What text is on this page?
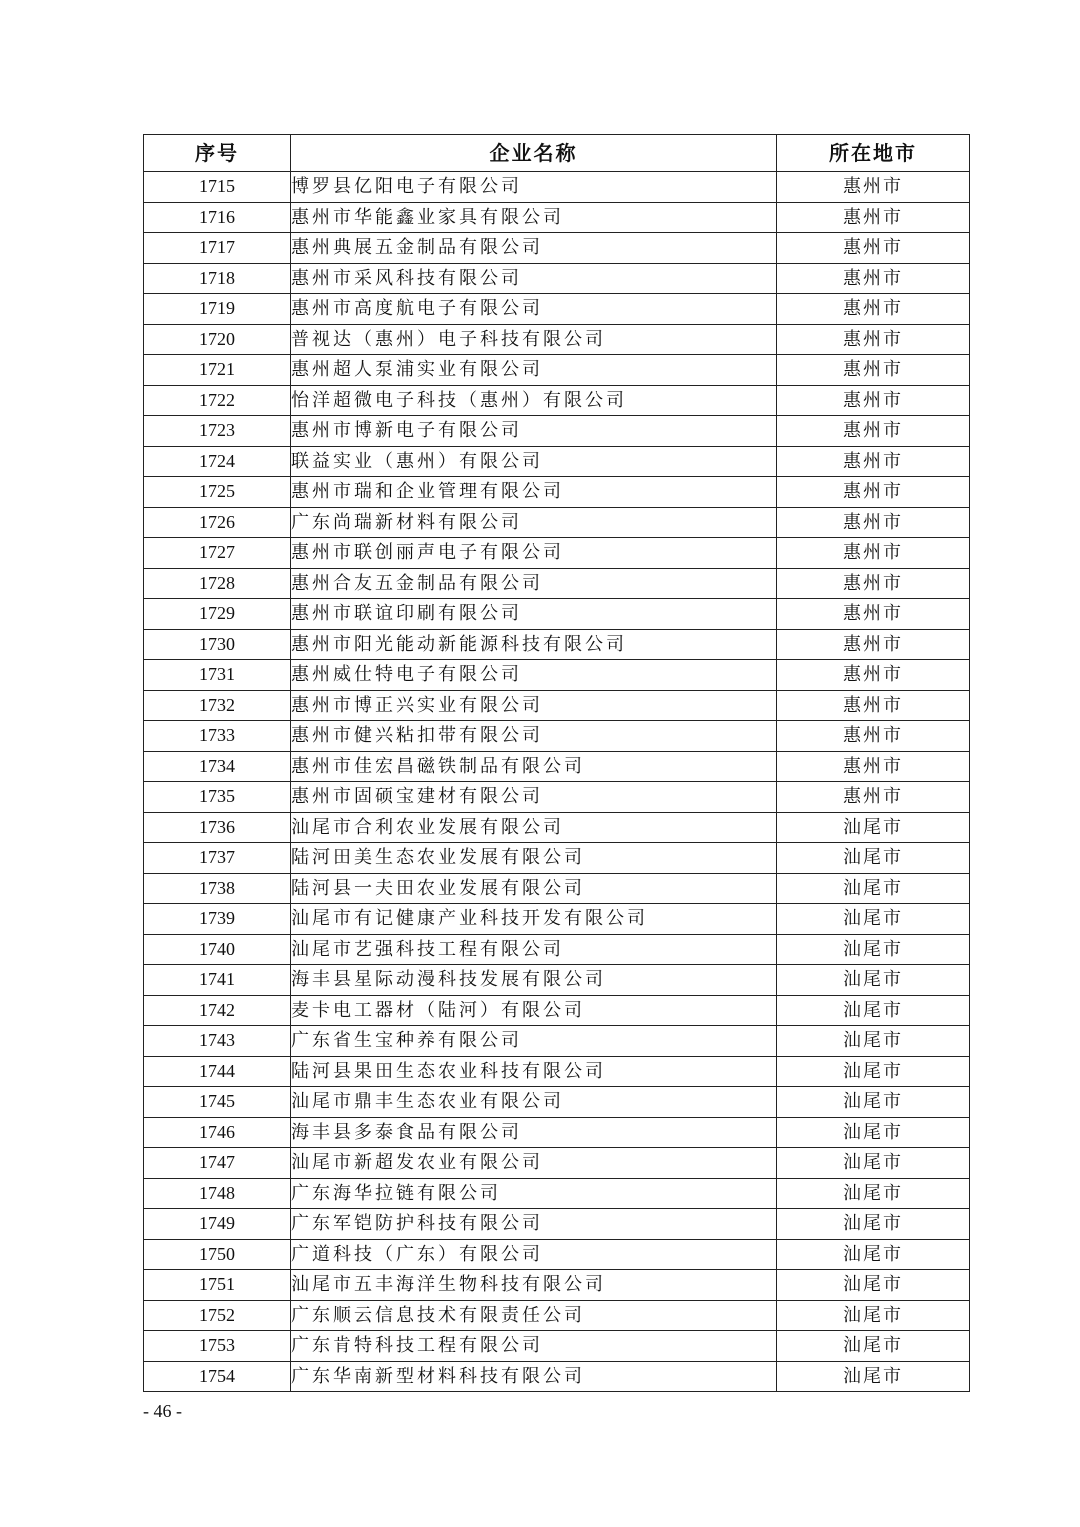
序号	企业名称	所在地市
1715	博罗县亿阳电子有限公司	惠州市
1716	惠州市华能鑫业家具有限公司	惠州市
1717	惠州典展五金制品有限公司	惠州市
1718	惠州市采风科技有限公司	惠州市
1719	惠州市高度航电子有限公司	惠州市
1720	普视达（惠州）电子科技有限公司	惠州市
1721	惠州超人泵浦实业有限公司	惠州市
1722	怡洋超微电子科技（惠州）有限公司	惠州市
1723	惠州市博新电子有限公司	惠州市
1724	联益实业（惠州）有限公司	惠州市
1725	惠州市瑞和企业管理有限公司	惠州市
1726	广东尚瑞新材料有限公司	惠州市
1727	惠州市联创丽声电子有限公司	惠州市
1728	惠州合友五金制品有限公司	惠州市
1729	惠州市联谊印刷有限公司	惠州市
1730	惠州市阳光能动新能源科技有限公司	惠州市
1731	惠州威仕特电子有限公司	惠州市
1732	惠州市博正兴实业有限公司	惠州市
1733	惠州市健兴粘扣带有限公司	惠州市
1734	惠州市佳宏昌磁铁制品有限公司	惠州市
1735	惠州市固硕宝建材有限公司	惠州市
1736	汕尾市合利农业发展有限公司	汕尾市
1737	陆河田美生态农业发展有限公司	汕尾市
1738	陆河县一夫田农业发展有限公司	汕尾市
1739	汕尾市有记健康产业科技开发有限公司	汕尾市
1740	汕尾市艺强科技工程有限公司	汕尾市
1741	海丰县星际动漫科技发展有限公司	汕尾市
1742	麦卡电工器材（陆河）有限公司	汕尾市
1743	广东省生宝种养有限公司	汕尾市
1744	陆河县果田生态农业科技有限公司	汕尾市
1745	汕尾市鼎丰生态农业有限公司	汕尾市
1746	海丰县多泰食品有限公司	汕尾市
1747	汕尾市新超发农业有限公司	汕尾市
1748	广东海华拉链有限公司	汕尾市
1749	广东军铠防护科技有限公司	汕尾市
1750	广道科技（广东）有限公司	汕尾市
1751	汕尾市五丰海洋生物科技有限公司	汕尾市
1752	广东顺云信息技术有限责任公司	汕尾市
1753	广东肯特科技工程有限公司	汕尾市
1754	广东华南新型材料科技有限公司	汕尾市
- 46 -
